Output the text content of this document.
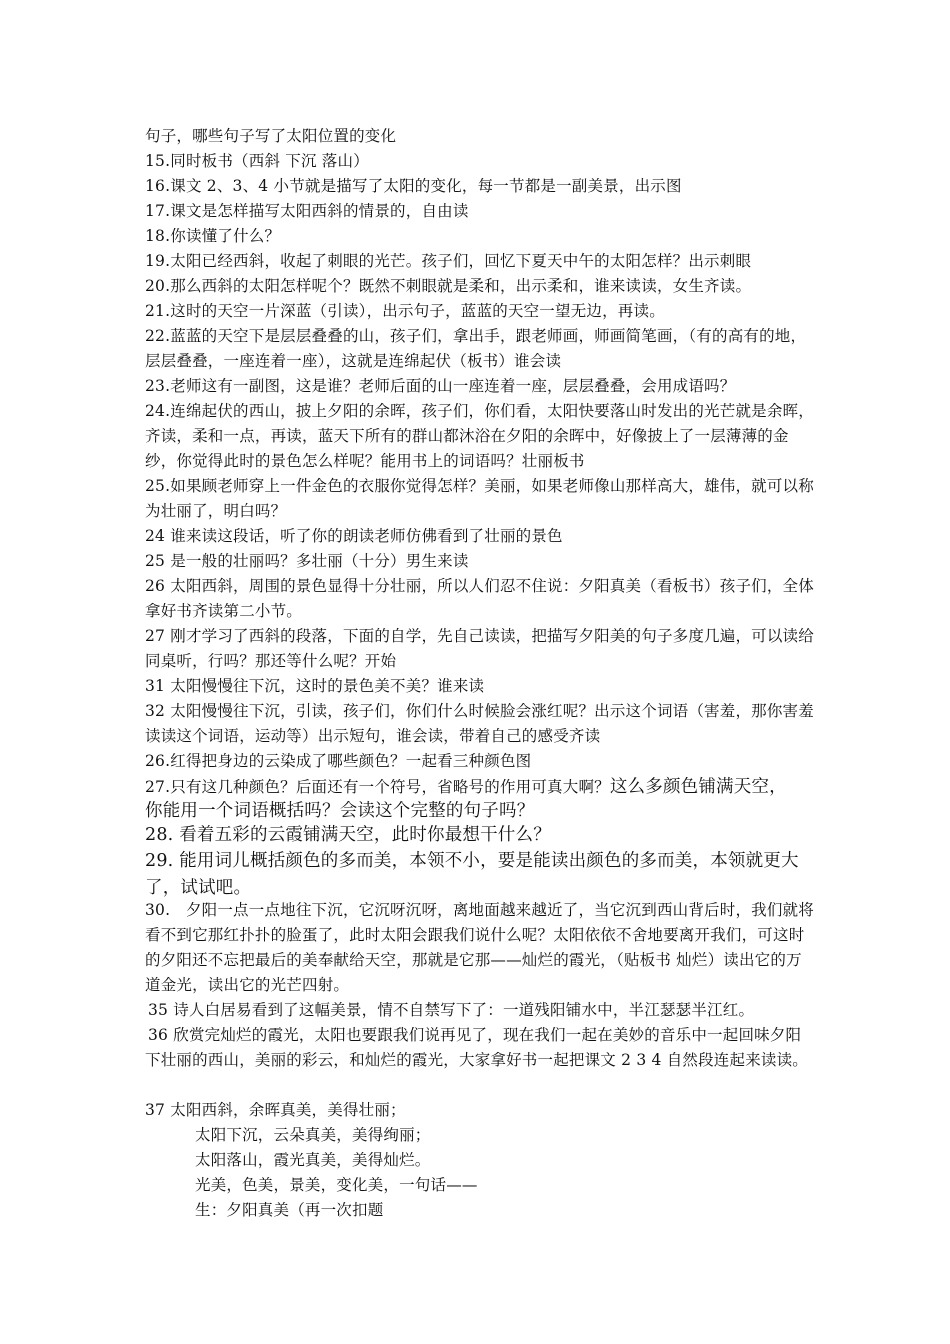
句子，哪些句子写了太阳位置的变化
15.同时板书（西斜 下沉 落山）
16.课文 2、3、4 小节就是描写了太阳的变化，每一节都是一副美景，出示图
17.课文是怎样描写太阳西斜的情景的，自由读
18.你读懂了什么？
19.太阳已经西斜，收起了刺眼的光芒。孩子们，回忆下夏天中午的太阳怎样？出示刺眼
20.那么西斜的太阳怎样呢个？既然不刺眼就是柔和，出示柔和，谁来读读，女生齐读。
21.这时的天空一片深蓝（引读），出示句子，蓝蓝的天空一望无边，再读。
22.蓝蓝的天空下是层层叠叠的山，孩子们，拿出手，跟老师画，师画简笔画，（有的高有的地，层层叠叠，一座连着一座），这就是连绵起伏（板书）谁会读
23.老师这有一副图，这是谁？老师后面的山一座连着一座，层层叠叠，会用成语吗？
24.连绵起伏的西山，披上夕阳的余晖，孩子们，你们看，太阳快要落山时发出的光芒就是余晖，齐读，柔和一点，再读，蓝天下所有的群山都沐浴在夕阳的余晖中，好像披上了一层薄薄的金纱，你觉得此时的景色怎么样呢？能用书上的词语吗？壮丽板书
25.如果顾老师穿上一件金色的衣服你觉得怎样？美丽，如果老师像山那样高大，雄伟，就可以称为壮丽了，明白吗？
24 谁来读这段话，听了你的朗读老师仿佛看到了壮丽的景色
25 是一般的壮丽吗？多壮丽（十分）男生来读
26 太阳西斜，周围的景色显得十分壮丽，所以人们忍不住说：夕阳真美（看板书）孩子们，全体拿好书齐读第二小节。
27 刚才学习了西斜的段落，下面的自学，先自己读读，把描写夕阳美的句子多度几遍，可以读给同桌听，行吗？那还等什么呢？开始
31 太阳慢慢往下沉，这时的景色美不美？谁来读
32 太阳慢慢往下沉，引读，孩子们，你们什么时候脸会涨红呢？出示这个词语（害羞，那你害羞读读这个词语，运动等）出示短句，谁会读，带着自己的感受齐读
26.红得把身边的云染成了哪些颜色？一起看三种颜色图
27.只有这几种颜色？后面还有一个符号，省略号的作用可真大啊？这么多颜色铺满天空，
你能用一个词语概括吗？会读这个完整的句子吗？
28. 看着五彩的云霞铺满天空，此时你最想干什么？
29. 能用词儿概括颜色的多而美，本领不小，要是能读出颜色的多而美，本领就更大了，试试吧。
30.　夕阳一点一点地往下沉，它沉呀沉呀，离地面越来越近了，当它沉到西山背后时，我们就将看不到它那红扑扑的脸蛋了，此时太阳会跟我们说什么呢？太阳依依不舍地要离开我们，可这时的夕阳还不忘把最后的美奉献给天空，那就是它那——灿烂的霞光，（贴板书 灿烂）读出它的万道金光，读出它的光芒四射。
35 诗人白居易看到了这幅美景，情不自禁写下了：一道残阳铺水中，半江瑟瑟半江红。
36 欣赏完灿烂的霞光，太阳也要跟我们说再见了，现在我们一起在美妙的音乐中一起回味夕阳下壮丽的西山，美丽的彩云，和灿烂的霞光，大家拿好书一起把课文 2 3 4 自然段连起来读读。
37 太阳西斜，余晖真美，美得壮丽；
太阳下沉，云朵真美，美得绚丽；
太阳落山，霞光真美，美得灿烂。
光美，色美，景美，变化美，一句话——
生：夕阳真美（再一次扣题
